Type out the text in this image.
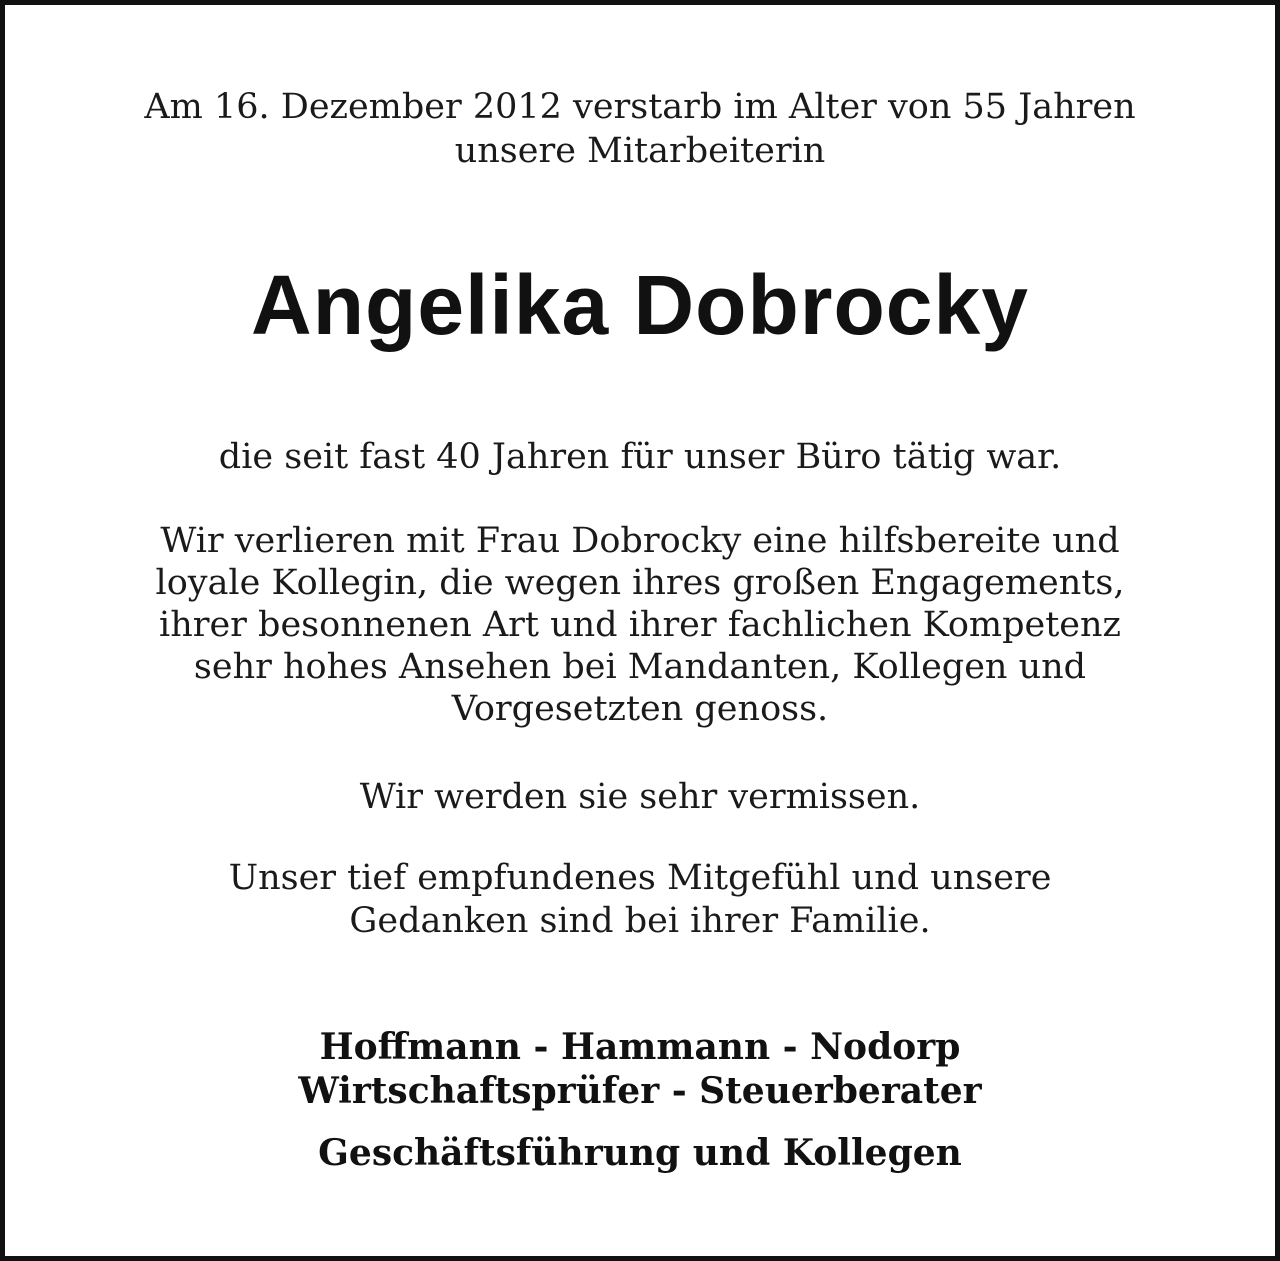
Am 16. Dezember 2012 verstarb im Alter von 55 Jahren
unsere Mitarbeiterin

Angelika Dobrocky

die seit fast 40 Jahren für unser Büro tätig war.

Wir verlieren mit Frau Dobrocky eine hilfsbereite und
loyale Kollegin, die wegen ihres großen Engagements,
ihrer besonnenen Art und ihrer fachlichen Kompetenz
sehr hohes Ansehen bei Mandanten, Kollegen und
Vorgesetzten genoss.

Wir werden sie sehr vermissen.

Unser tief empfundenes Mitgefühl und unsere
Gedanken sind bei ihrer Familie.

Hoffmann - Hammann - Nodorp
Wirtschaftsprüfer - Steuerberater

Geschäftsführung und Kollegen
